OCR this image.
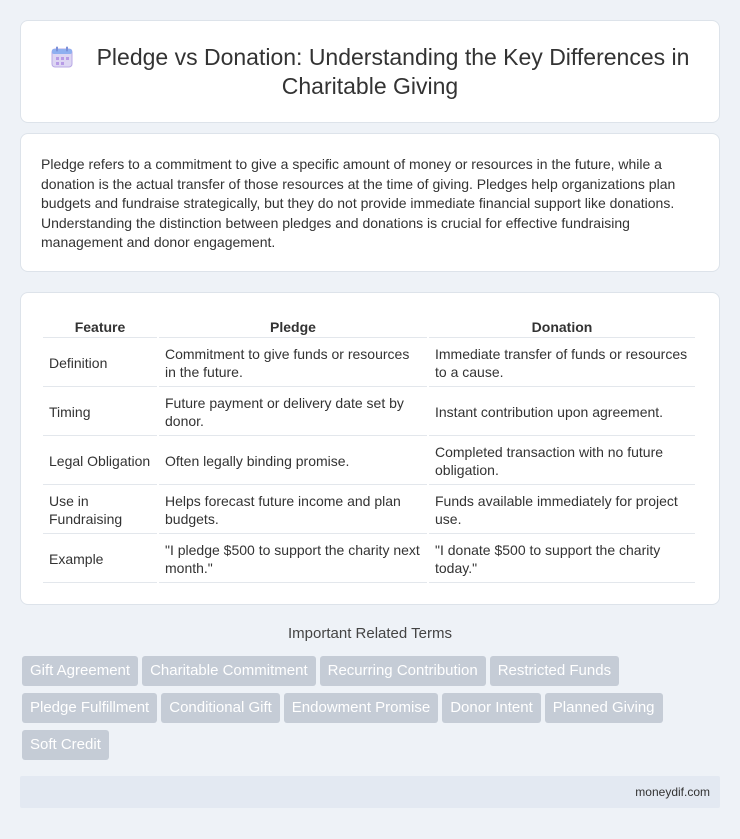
Pledge vs Donation: Understanding the Key Differences in Charitable Giving

Pledge refers to a commitment to give a specific amount of money or resources in the future, while a donation is the actual transfer of those resources at the time of giving. Pledges help organizations plan budgets and fundraise strategically, but they do not provide immediate financial support like donations. Understanding the distinction between pledges and donations is crucial for effective fundraising management and donor engagement.

Feature	Pledge	Donation
Definition	Commitment to give funds or resources in the future.	Immediate transfer of funds or resources to a cause.
Timing	Future payment or delivery date set by donor.	Instant contribution upon agreement.
Legal Obligation	Often legally binding promise.	Completed transaction with no future obligation.
Use in Fundraising	Helps forecast future income and plan budgets.	Funds available immediately for project use.
Example	"I pledge $500 to support the charity next month."	"I donate $500 to support the charity today."
Important Related Terms
Gift Agreement	Charitable Commitment	Recurring Contribution	Restricted Funds
Pledge Fulfillment	Conditional Gift	Endowment Promise	Donor Intent	Planned Giving
Soft Credit
moneydif.com
